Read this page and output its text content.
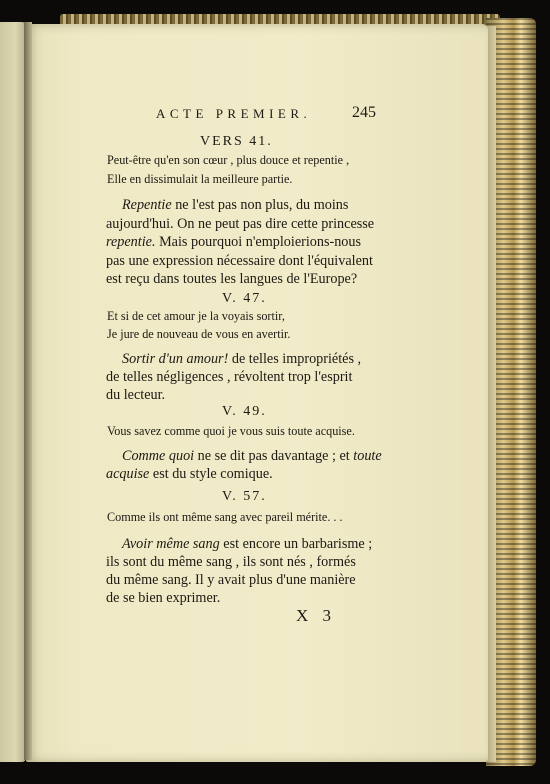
ACTE PREMIER.	245
VERS 41.
Peut-être qu'en son cœur , plus douce et repentie ,
Elle en dissimulait la meilleure partie.
Repentie ne l'est pas non plus, du moins
aujourd'hui. On ne peut pas dire cette princesse
repentie. Mais pourquoi n'emploierions-nous
pas une expression nécessaire dont l'équivalent
est reçu dans toutes les langues de l'Europe?
V. 47.
Et si de cet amour je la voyais sortir,
Je jure de nouveau de vous en avertir.
Sortir d'un amour! de telles impropriétés ,
de telles négligences , révoltent trop l'esprit
du lecteur.
V. 49.
Vous savez comme quoi je vous suis toute acquise.
Comme quoi ne se dit pas davantage ; et toute
acquise est du style comique.
V. 57.
Comme ils ont même sang avec pareil mérite. . .
Avoir même sang est encore un barbarisme ;
ils sont du même sang , ils sont nés , formés
du même sang. Il y avait plus d'une manière
de se bien exprimer.
X 3
